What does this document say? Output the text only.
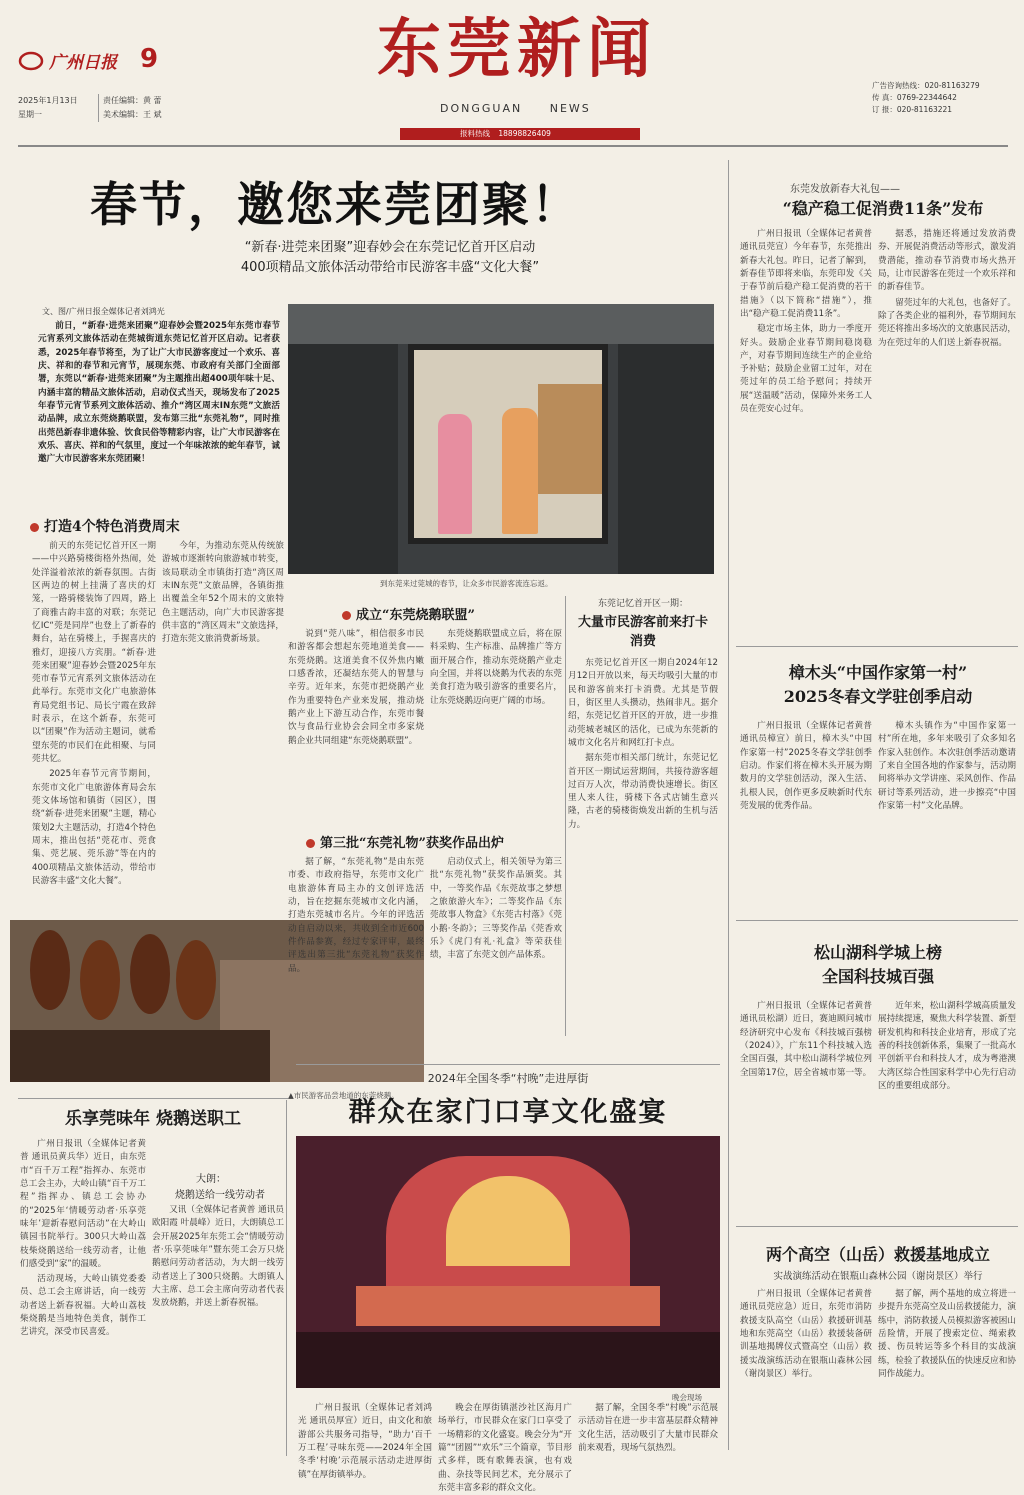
广州日报 9
2025年1月13日
星期一
责任编辑：黄 蕾
美术编辑：王 斌
东莞新闻
DONGGUAN	NEWS
广告咨询热线：020-81163279
传 真：0769-22344642
订 报：020-81163221
报料热线 18898826409
春节，邀您来莞团聚！
“新春·进莞来团聚”迎春妙会在东莞记忆首开区启动
400项精品文旅体活动带给市民游客丰盛“文化大餐”
文、图/广州日报全媒体记者刘鸿光

前日，“新春·进莞来团聚”迎春妙会暨2025年东莞市春节元宵系列文旅体活动在莞城街道东莞记忆首开区启动。记者获悉，2025年春节将至，为了让广大市民游客度过一个欢乐、喜庆、祥和的春节和元宵节，展现东莞、市政府有关部门全面部署，东莞以“新春·进莞来团聚”为主题推出超400项年味十足、内涵丰富的精品文旅体活动，启动仪式当天，现场发布了2025年春节元宵节系列文旅体活动、推介“湾区周末IN东莞”文旅活动品牌，成立东莞烧鹅联盟，发布第三批“东莞礼物”，同时推出莞邑新春非遗体验、饮食民俗等精彩内容，让广大市民游客在欢乐、喜庆、祥和的气氛里，度过一个年味浓浓的蛇年春节，诚邀广大市民游客来东莞团聚！

到东莞来过莞城的春节，让众多市民游客流连忘返。
打造4个特色消费周末

前天的东莞记忆首开区一期——中兴路骑楼街格外热闹，处处洋溢着浓浓的新春氛围。古街区两边的树上挂满了喜庆的灯笼，一路骑楼装饰了四周，路上了商雅古韵丰富的对联；东莞记忆IC“莞是同岸”也登上了新春的舞台，站在骑楼上，手握喜庆的雅灯，迎接八方宾朋。“新春·进莞来团聚”迎春妙会暨2025年东莞市春节元宵系列文旅体活动在此举行。东莞市文化广电旅游体育局党组书记、局长宁霞在致辞时表示，在这个新春，东莞可以“团聚”作为活动主题词，就希望东莞的市民们在此相聚、与同莞共忆。

2025年春节元宵节期间，东莞市文化广电旅游体育局会东莞文体场馆和镇街（园区），围绕“新春·进莞来团聚”主题，精心策划2大主题活动，打造4个特色周末，推出包括“莞花市、莞食集、莞艺展、莞乐游”等在内的400项精品文旅体活动，带给市民游客丰盛“文化大餐”。

今年，为推动东莞从传统旅游城市逐渐转向旅游城市转变，该局联动全市镇街打造“湾区周末IN东莞”文旅品牌，各镇街推出覆盖全年52个周末的文旅特色主题活动，向广大市民游客提供丰富的“湾区周末”文旅选择，打造东莞文旅消费新场景。

▲市民游客品尝地道的东莞烧鹅。
成立“东莞烧鹅联盟”

说到“莞八味”，相信很多市民和游客都会想起东莞地道美食——东莞烧鹅。这道美食不仅外焦内嫩口感香浓，还凝结东莞人的智慧与辛劳。近年来，东莞市把烧鹅产业作为重要特色产业来发展，推动烧鹅产业上下游互动合作，东莞市餐饮与食品行业协会会同全市多家烧鹅企业共同组建“东莞烧鹅联盟”。

东莞烧鹅联盟成立后，将在原料采购、生产标准、品牌推广等方面开展合作，推动东莞烧鹅产业走向全国，并将以烧鹅为代表的东莞美食打造为吸引游客的重要名片，让东莞烧鹅迈向更广阔的市场。

第三批“东莞礼物”获奖作品出炉

据了解，“东莞礼物”是由东莞市委、市政府指导，东莞市文化广电旅游体育局主办的文创评选活动，旨在挖掘东莞城市文化内涵，打造东莞城市名片。今年的评选活动自启动以来，共收到全市近600件作品参赛，经过专家评审，最终评选出第三批“东莞礼物”获奖作品。

启动仪式上，相关领导为第三批“东莞礼物”获奖作品颁奖。其中，一等奖作品《东莞故事之梦想之旅旅游火车》；二等奖作品《东莞故事人物盒》《东莞古村落》《莞小鹅·冬韵》；三等奖作品《莞香欢乐》《虎门有礼·礼盒》等荣获佳绩，丰富了东莞文创产品体系。

东莞记忆首开区一期：
大量市民游客前来打卡消费

东莞记忆首开区一期自2024年12月12日开放以来，每天均吸引大量的市民和游客前来打卡消费。尤其是节假日，街区里人头攒动，热闹非凡。据介绍，东莞记忆首开区的开放，进一步推动莞城老城区的活化，已成为东莞新的城市文化名片和网红打卡点。

据东莞市相关部门统计，东莞记忆首开区一期试运营期间，共接待游客超过百万人次，带动消费快速增长。街区里人来人往，骑楼下各式店铺生意兴隆，古老的骑楼街焕发出新的生机与活力。

东莞发放新春大礼包——
“稳产稳工促消费11条”发布

广州日报讯（全媒体记者黄普 通讯员莞宣）今年春节，东莞推出新春大礼包。昨日，记者了解到，新春佳节即将来临，东莞印发《关于春节前后稳产稳工促消费的若干措施》（以下简称“措施”），推出“稳产稳工促消费11条”。

稳定市场主体，助力一季度开好头。鼓励企业春节期间稳岗稳产，对春节期间连续生产的企业给予补贴；鼓励企业留工过年，对在莞过年的员工给予慰问；持续开展“送温暖”活动，保障外来务工人员在莞安心过年。

据悉，措施还将通过发放消费券、开展促消费活动等形式，激发消费潜能，推动春节消费市场火热开局，让市民游客在莞过一个欢乐祥和的新春佳节。

留莞过年的大礼包，也备好了。除了各类企业的福利外，春节期间东莞还将推出多场次的文旅惠民活动，为在莞过年的人们送上新春祝福。

樟木头“中国作家第一村”
2025冬春文学驻创季启动

广州日报讯（全媒体记者黄普 通讯员樟宣）前日，樟木头“中国作家第一村”2025冬春文学驻创季启动。作家们将在樟木头开展为期数月的文学驻创活动，深入生活、扎根人民，创作更多反映新时代东莞发展的优秀作品。

樟木头镇作为“中国作家第一村”所在地，多年来吸引了众多知名作家入驻创作。本次驻创季活动邀请了来自全国各地的作家参与，活动期间将举办文学讲座、采风创作、作品研讨等系列活动，进一步擦亮“中国作家第一村”文化品牌。

松山湖科学城上榜
全国科技城百强

广州日报讯（全媒体记者黄普 通讯员松湖）近日，赛迪顾问城市经济研究中心发布《科技城百强榜（2024）》，广东11个科技城入选全国百强，其中松山湖科学城位列全国第17位，居全省城市第一等。

近年来，松山湖科学城高质量发展持续提速，聚焦大科学装置、新型研发机构和科技企业培育，形成了完善的科技创新体系，集聚了一批高水平创新平台和科技人才，成为粤港澳大湾区综合性国家科学中心先行启动区的重要组成部分。

两个高空（山岳）救援基地成立
实战演练活动在银瓶山森林公园（谢岗景区）举行

广州日报讯（全媒体记者黄普 通讯员莞应急）近日，东莞市消防救援支队高空（山岳）救援研训基地和东莞高空（山岳）救援装备研训基地揭牌仪式暨高空（山岳）救援实战演练活动在银瓶山森林公园（谢岗景区）举行。

据了解，两个基地的成立将进一步提升东莞高空及山岳救援能力，演练中，消防救援人员模拟游客被困山岳险情，开展了搜索定位、绳索救援、伤员转运等多个科目的实战演练，检验了救援队伍的快速反应和协同作战能力。

乐享莞味年 烧鹅送职工

广州日报讯（全媒体记者黄普 通讯员黄兵华）近日，由东莞市“百千万工程”指挥办、东莞市总工会主办，大岭山镇“百千万工程”指挥办、镇总工会协办的“2025年‘情暖劳动者·乐享莞味年’迎新春慰问活动”在大岭山镇园书院举行。300只大岭山荔枝柴烧鹅送给一线劳动者，让他们感受到“家”的温暖。

活动现场，大岭山镇党委委员、总工会主席讲话，向一线劳动者送上新春祝福。大岭山荔枝柴烧鹅是当地特色美食，制作工艺讲究，深受市民喜爱。

大朗：
烧鹅送给一线劳动者

又讯（全媒体记者黄普 通讯员欧阳霞 叶晨峰）近日，大朗镇总工会开展2025年东莞工会“情暖劳动者·乐享莞味年”暨东莞工会万只烧鹅慰问劳动者活动，为大朗一线劳动者送上了300只烧鹅。大朗镇人大主席、总工会主席向劳动者代表发放烧鹅，并送上新春祝福。

2024年全国冬季“村晚”走进厚街
群众在家门口享文化盛宴
晚会现场

广州日报讯（全媒体记者刘鸿光 通讯员厚宣）近日，由文化和旅游部公共服务司指导，“助力‘百千万工程’寻味东莞——2024年全国冬季‘村晚’示范展示活动走进厚街镇”在厚街镇举办。

晚会在厚街镇湛沙社区海月广场举行，市民群众在家门口享受了一场精彩的文化盛宴。晚会分为“开篇”“团圆”“欢乐”三个篇章，节目形式多样，既有歌舞表演，也有戏曲、杂技等民间艺术，充分展示了东莞丰富多彩的群众文化。

据了解，全国冬季“村晚”示范展示活动旨在进一步丰富基层群众精神文化生活，活动吸引了大量市民群众前来观看，现场气氛热烈。
